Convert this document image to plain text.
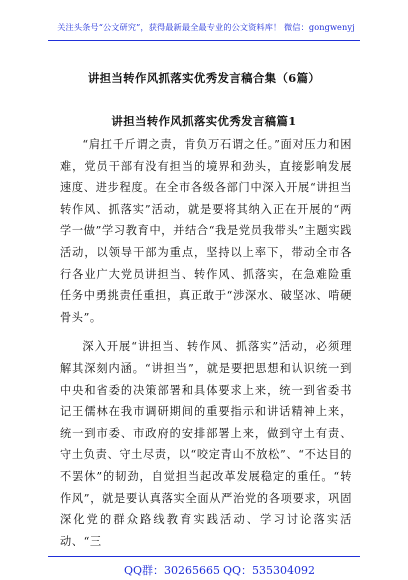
关注头条号“公文研究”，获得最新最全最专业的公文资料库！ 微信：gongwenyj
讲担当转作风抓落实优秀发言稿合集（6篇）
讲担当转作风抓落实优秀发言稿篇1

“肩扛千斤谓之责，肯负万石谓之任。”面对压力和困难，党员干部有没有担当的境界和劲头，直接影响发展速度、进步程度。在全市各级各部门中深入开展“讲担当转作风、抓落实”活动，就是要将其纳入正在开展的“两学一做”学习教育中，并结合“我是党员我带头”主题实践活动，以领导干部为重点，坚持以上率下，带动全市各行各业广大党员讲担当、转作风、抓落实，在急难险重任务中勇挑责任重担，真正敢于“涉深水、破坚冰、啃硬骨头”。

深入开展“讲担当、转作风、抓落实”活动，必须理解其深刻内涵。“讲担当”，就是要把思想和认识统一到中央和省委的决策部署和具体要求上来，统一到省委书记王儒林在我市调研期间的重要指示和讲话精神上来，统一到市委、市政府的安排部署上来，做到守土有责、守土负责、守土尽责，以“咬定青山不放松”、“不达目的不罢休”的韧劲，自觉担当起改革发展稳定的重任。“转作风”，就是要认真落实全面从严治党的各项要求，巩固深化党的群众路线教育实践活动、学习讨论落实活动、“三

QQ群：30265665 QQ：535304092
